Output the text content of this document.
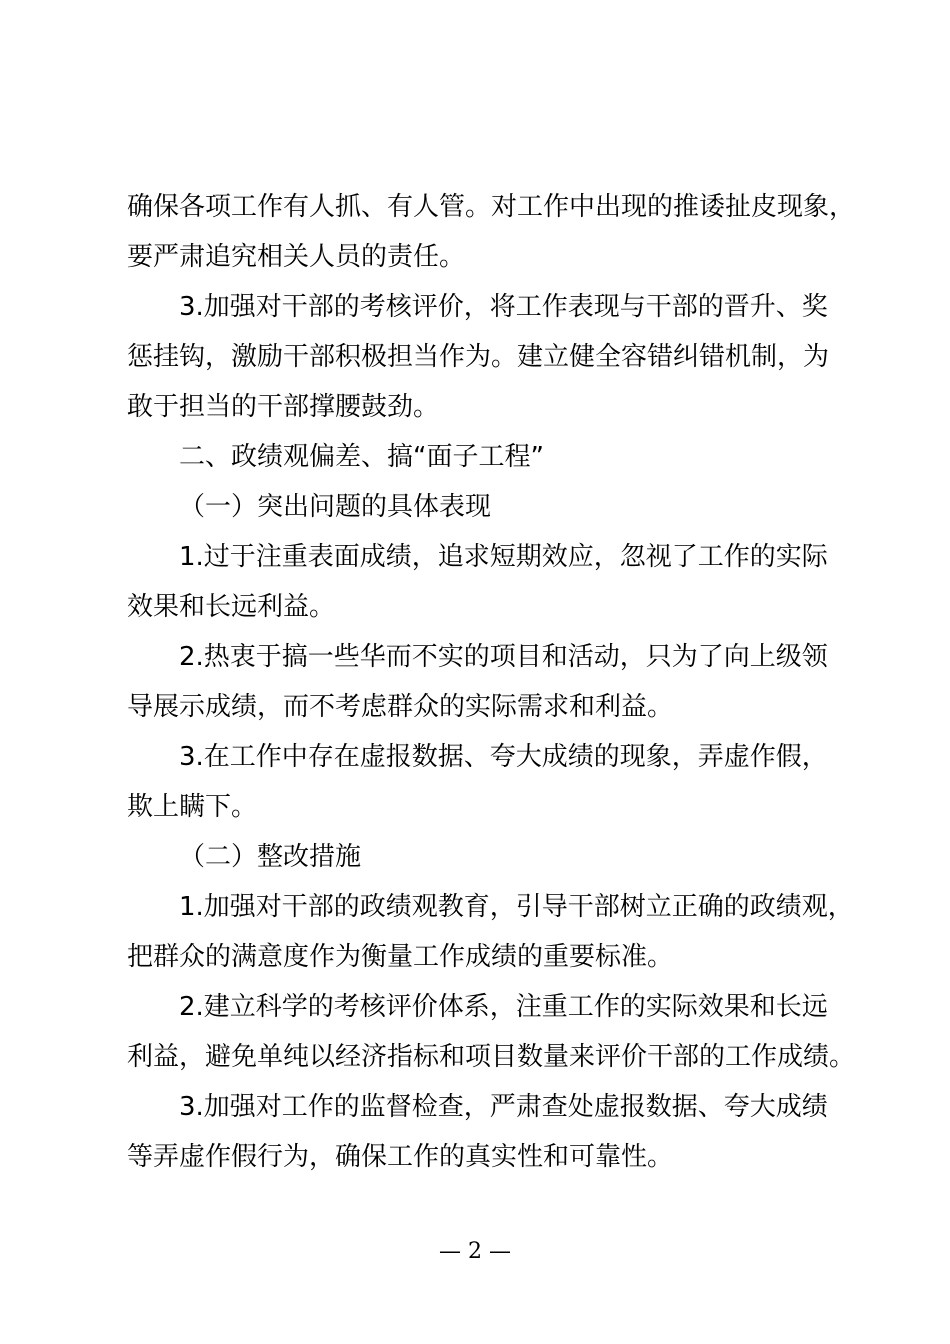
确保各项工作有人抓、有人管。对工作中出现的推诿扯皮现象，
要严肃追究相关人员的责任。
3.加强对干部的考核评价，将工作表现与干部的晋升、奖
惩挂钩，激励干部积极担当作为。建立健全容错纠错机制，为
敢于担当的干部撑腰鼓劲。
二、政绩观偏差、搞“面子工程”
（一）突出问题的具体表现
1.过于注重表面成绩，追求短期效应，忽视了工作的实际
效果和长远利益。
2.热衷于搞一些华而不实的项目和活动，只为了向上级领
导展示成绩，而不考虑群众的实际需求和利益。
3.在工作中存在虚报数据、夸大成绩的现象，弄虚作假，
欺上瞒下。
（二）整改措施
1.加强对干部的政绩观教育，引导干部树立正确的政绩观，
把群众的满意度作为衡量工作成绩的重要标准。
2.建立科学的考核评价体系，注重工作的实际效果和长远
利益，避免单纯以经济指标和项目数量来评价干部的工作成绩。
3.加强对工作的监督检查，严肃查处虚报数据、夸大成绩
等弄虚作假行为，确保工作的真实性和可靠性。
— 2 —
